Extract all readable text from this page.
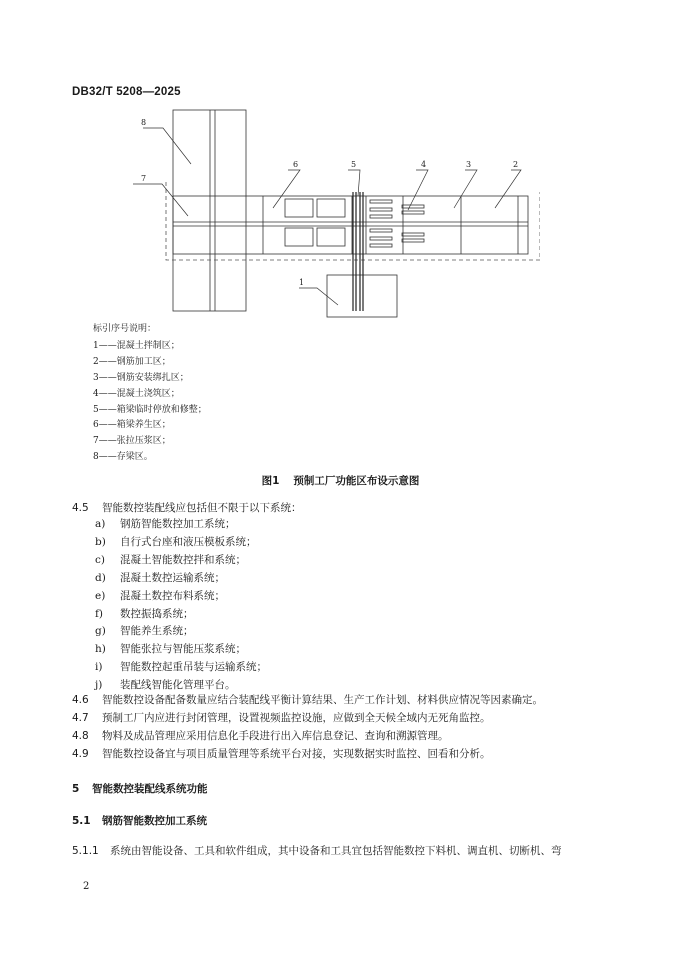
DB32/T 5208—2025
8
7
6	5	4	3	2
1
标引序号说明：
1——混凝土拌制区；
2——钢筋加工区；
3——钢筋安装绑扎区；
4——混凝土浇筑区；
5——箱梁临时停放和修整；
6——箱梁养生区；
7——张拉压浆区；
8——存梁区。
图1 预制工厂功能区布设示意图
4.5 智能数控装配线应包括但不限于以下系统：
a) 钢筋智能数控加工系统；
b) 自行式台座和液压模板系统；
c) 混凝土智能数控拌和系统；
d) 混凝土数控运输系统；
e) 混凝土数控布料系统；
f) 数控振捣系统；
g) 智能养生系统；
h) 智能张拉与智能压浆系统；
i) 智能数控起重吊装与运输系统；
j) 装配线智能化管理平台。
4.6 智能数控设备配备数量应结合装配线平衡计算结果、生产工作计划、材料供应情况等因素确定。
4.7 预制工厂内应进行封闭管理，设置视频监控设施，应做到全天候全域内无死角监控。
4.8 物料及成品管理应采用信息化手段进行出入库信息登记、查询和溯源管理。
4.9 智能数控设备宜与项目质量管理等系统平台对接，实现数据实时监控、回看和分析。
5 智能数控装配线系统功能
5.1 钢筋智能数控加工系统
5.1.1 系统由智能设备、工具和软件组成，其中设备和工具宜包括智能数控下料机、调直机、切断机、弯
2
